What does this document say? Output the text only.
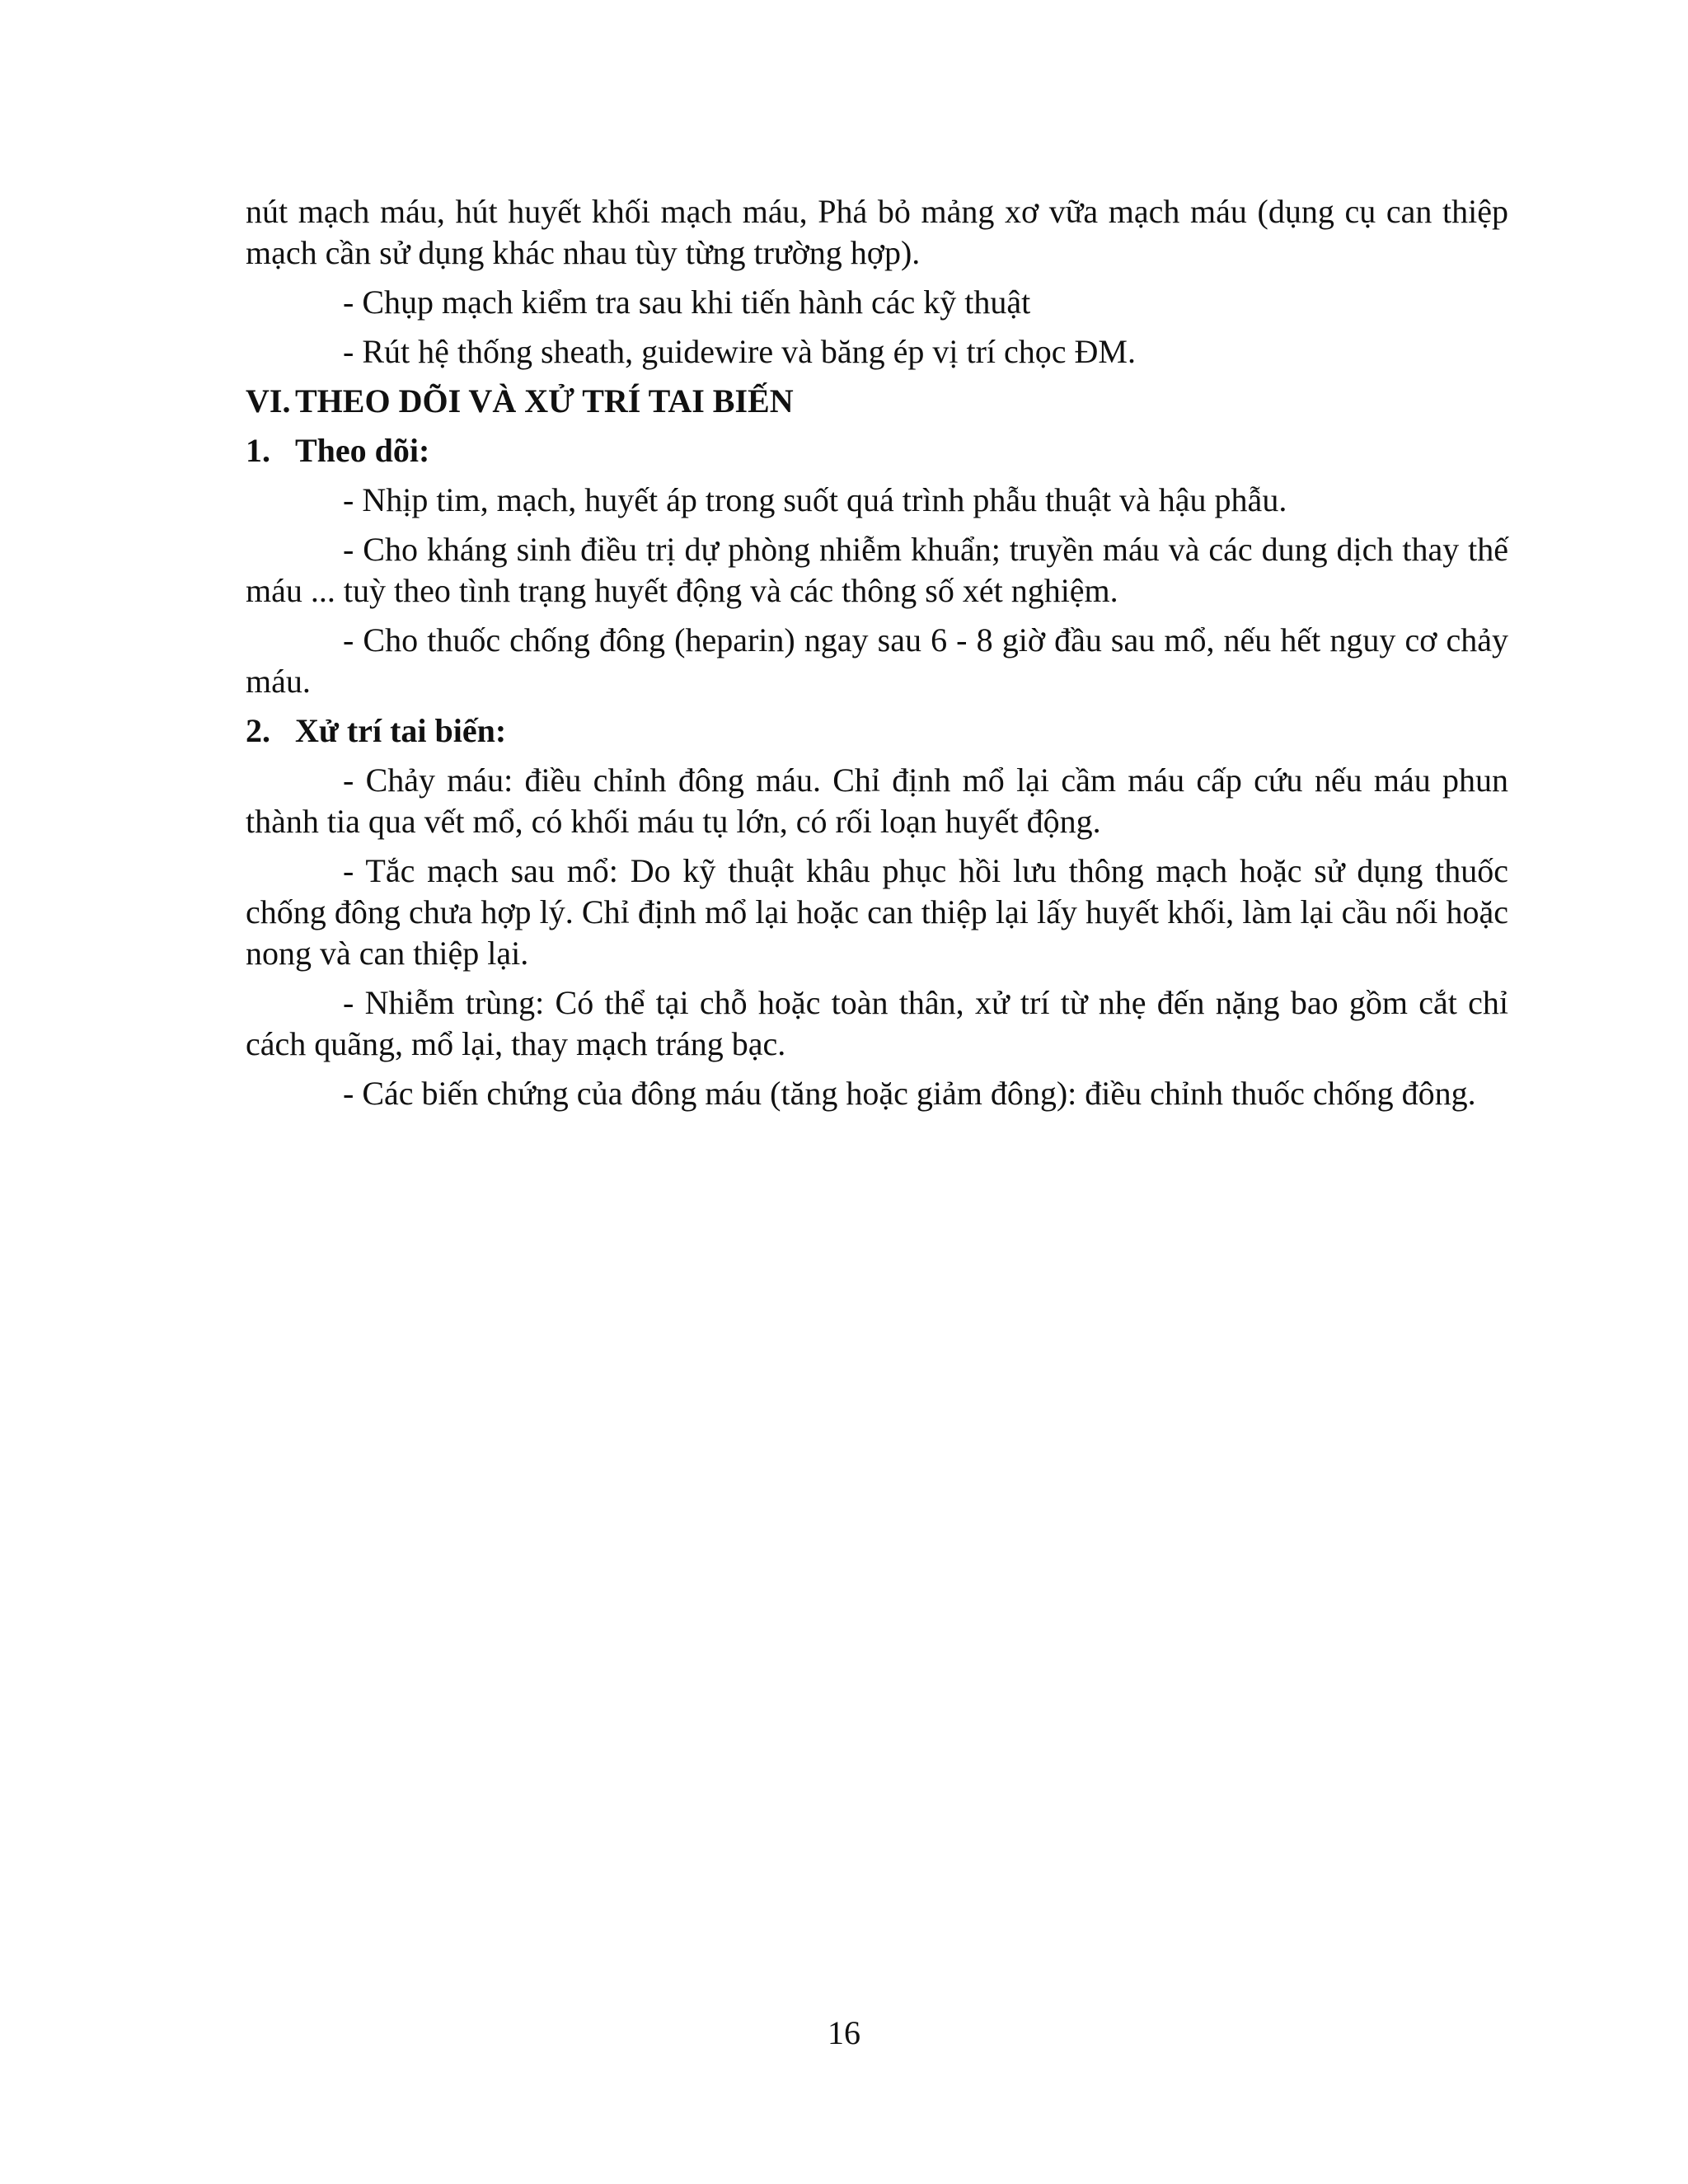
nút mạch máu, hút huyết khối mạch máu, Phá bỏ mảng xơ vữa mạch máu (dụng cụ can thiệp mạch cần sử dụng khác nhau tùy từng trường hợp).

- Chụp mạch kiểm tra sau khi tiến hành các kỹ thuật

- Rút hệ thống sheath, guidewire và băng ép vị trí chọc ĐM.

VI. THEO DÕI VÀ XỬ TRÍ TAI BIẾN

1. Theo dõi:

- Nhịp tim, mạch, huyết áp trong suốt quá trình phẫu thuật và hậu phẫu.

- Cho kháng sinh điều trị dự phòng nhiễm khuẩn; truyền máu và các dung dịch thay thế máu ... tuỳ theo tình trạng huyết động và các thông số xét nghiệm.

- Cho thuốc chống đông (heparin) ngay sau 6 - 8 giờ đầu sau mổ, nếu hết nguy cơ chảy máu.

2. Xử trí tai biến:

- Chảy máu: điều chỉnh đông máu. Chỉ định mổ lại cầm máu cấp cứu nếu máu phun thành tia qua vết mổ, có khối máu tụ lớn, có rối loạn huyết động.

- Tắc mạch sau mổ: Do kỹ thuật khâu phục hồi lưu thông mạch hoặc sử dụng thuốc chống đông chưa hợp lý. Chỉ định mổ lại hoặc can thiệp lại lấy huyết khối, làm lại cầu nối hoặc nong và can thiệp lại.

- Nhiễm trùng: Có thể tại chỗ hoặc toàn thân, xử trí từ nhẹ đến nặng bao gồm cắt chỉ cách quãng, mổ lại, thay mạch tráng bạc.

- Các biến chứng của đông máu (tăng hoặc giảm đông): điều chỉnh thuốc chống đông.

16
